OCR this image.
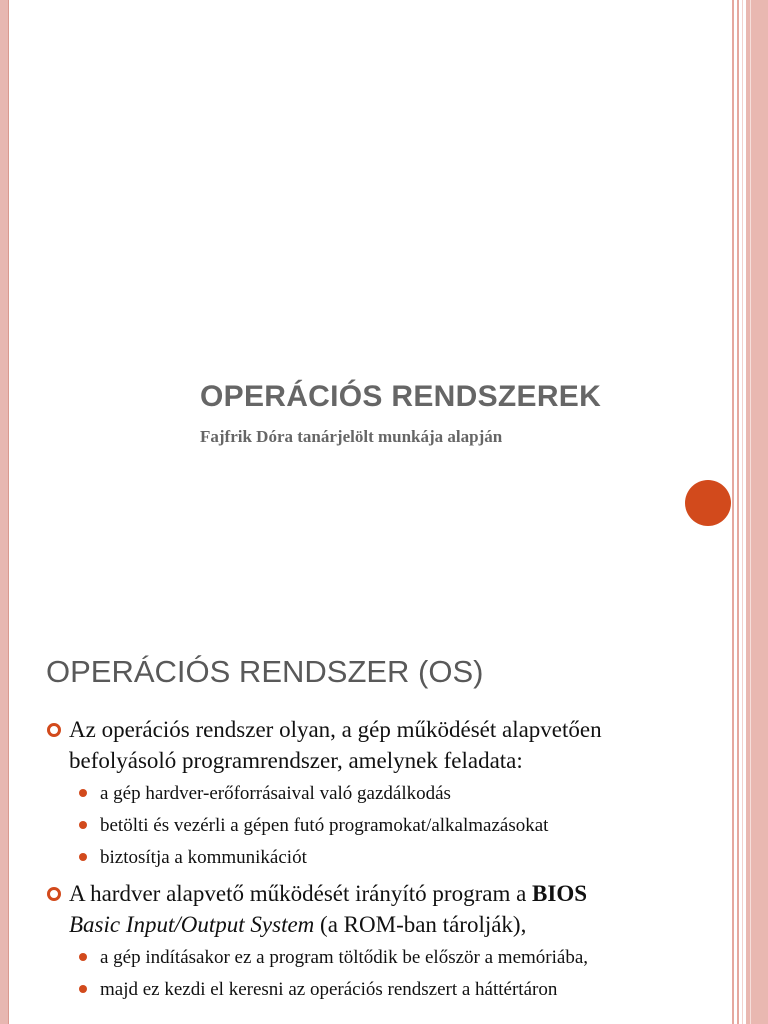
OPERÁCIÓS RENDSZEREK
Fajfrik Dóra tanárjelölt munkája alapján
OPERÁCIÓS RENDSZER (OS)
Az operációs rendszer olyan, a gép működését alapvetően befolyásoló programrendszer, amelynek feladata:
a gép hardver-erőforrásaival való gazdálkodás
betölti és vezérli a gépen futó programokat/alkalmazásokat
biztosítja a kommunikációt
A hardver alapvető működését irányító program a BIOS
Basic Input/Output System (a ROM-ban tárolják),
a gép indításakor ez a program töltődik be először a memóriába,
majd ez kezdi el keresni az operációs rendszert a háttértáron
